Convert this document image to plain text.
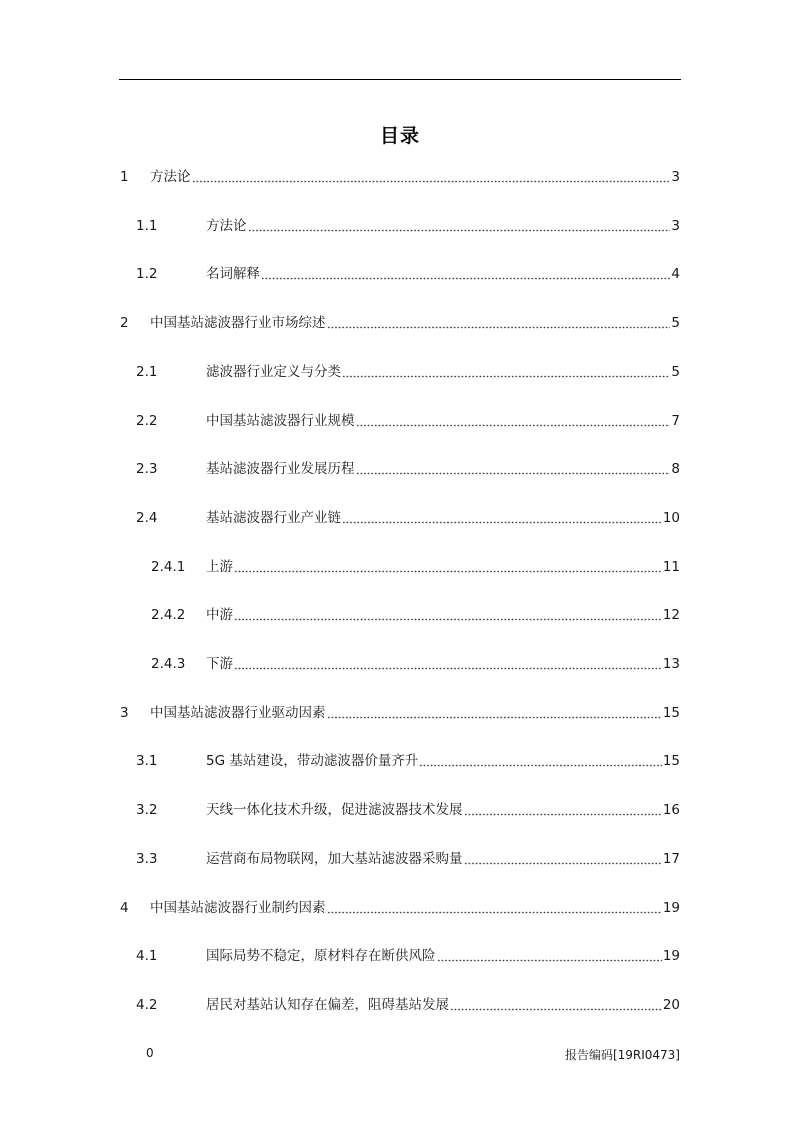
目录
1	方法论	3
1.1	方法论	3
1.2	名词解释	4
2	中国基站滤波器行业市场综述	5
2.1	滤波器行业定义与分类	5
2.2	中国基站滤波器行业规模	7
2.3	基站滤波器行业发展历程	8
2.4	基站滤波器行业产业链	10
2.4.1	上游	11
2.4.2	中游	12
2.4.3	下游	13
3	中国基站滤波器行业驱动因素	15
3.1	5G 基站建设，带动滤波器价量齐升	15
3.2	天线一体化技术升级，促进滤波器技术发展	16
3.3	运营商布局物联网，加大基站滤波器采购量	17
4	中国基站滤波器行业制约因素	19
4.1	国际局势不稳定，原材料存在断供风险	19
4.2	居民对基站认知存在偏差，阻碍基站发展	20
0	报告编码[19RI0473]
